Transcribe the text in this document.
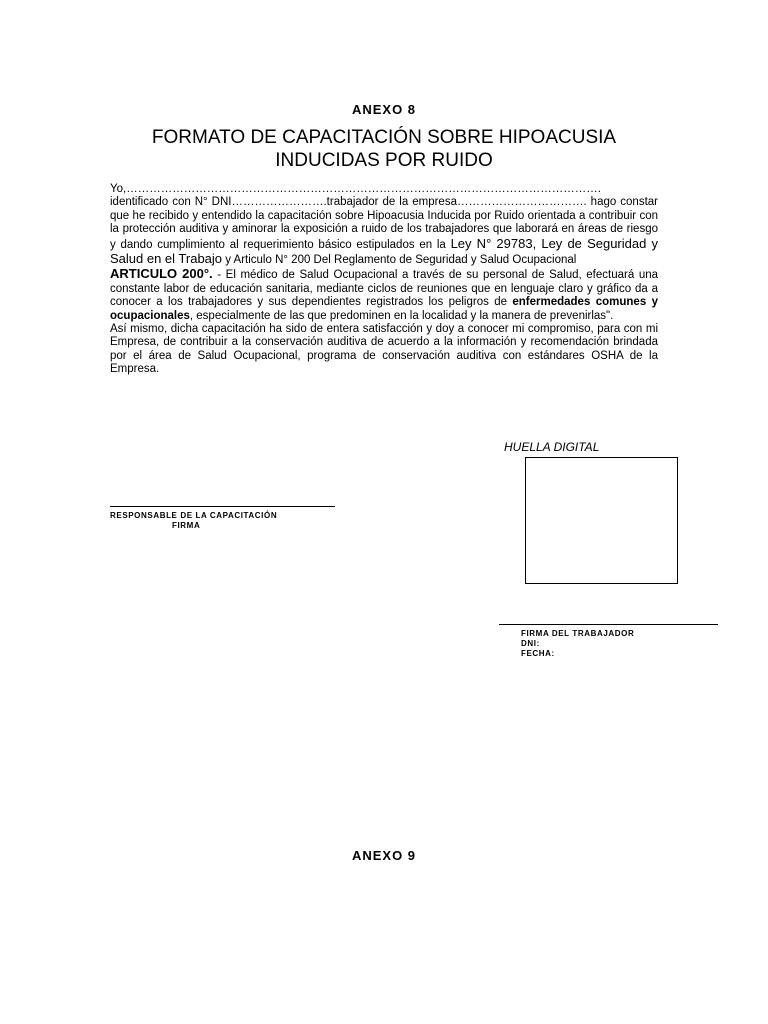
ANEXO 8
FORMATO DE CAPACITACIÓN SOBRE HIPOACUSIA
INDUCIDAS POR RUIDO

Yo,…………………………………………………………………………………………………………….

identificado con N° DNI…………………….trabajador de la empresa……………………………. hago constar que he recibido y entendido la capacitación sobre Hipoacusia Inducida por Ruido orientada a contribuir con la protección auditiva y aminorar la exposición a ruido de los trabajadores que laborará en áreas de riesgo y dando cumplimiento al requerimiento básico estipulados en la Ley N° 29783, Ley de Seguridad y Salud en el Trabajo y Articulo N° 200 Del Reglamento de Seguridad y Salud Ocupacional

ARTICULO 200°. - El médico de Salud Ocupacional a través de su personal de Salud, efectuará una constante labor de educación sanitaria, mediante ciclos de reuniones que en lenguaje claro y gráfico da a conocer a los trabajadores y sus dependientes registrados los peligros de enfermedades comunes y ocupacionales, especialmente de las que predominen en la localidad y la manera de prevenirlas".

Así mismo, dicha capacitación ha sido de entera satisfacción y doy a conocer mi compromiso, para con mi Empresa, de contribuir a la conservación auditiva de acuerdo a la información y recomendación brindada por el área de Salud Ocupacional, programa de conservación auditiva con estándares OSHA de la Empresa.

HUELLA DIGITAL
RESPONSABLE DE LA CAPACITACIÓN
FIRMA
FIRMA DEL TRABAJADOR
DNI:
FECHA:
ANEXO 9
